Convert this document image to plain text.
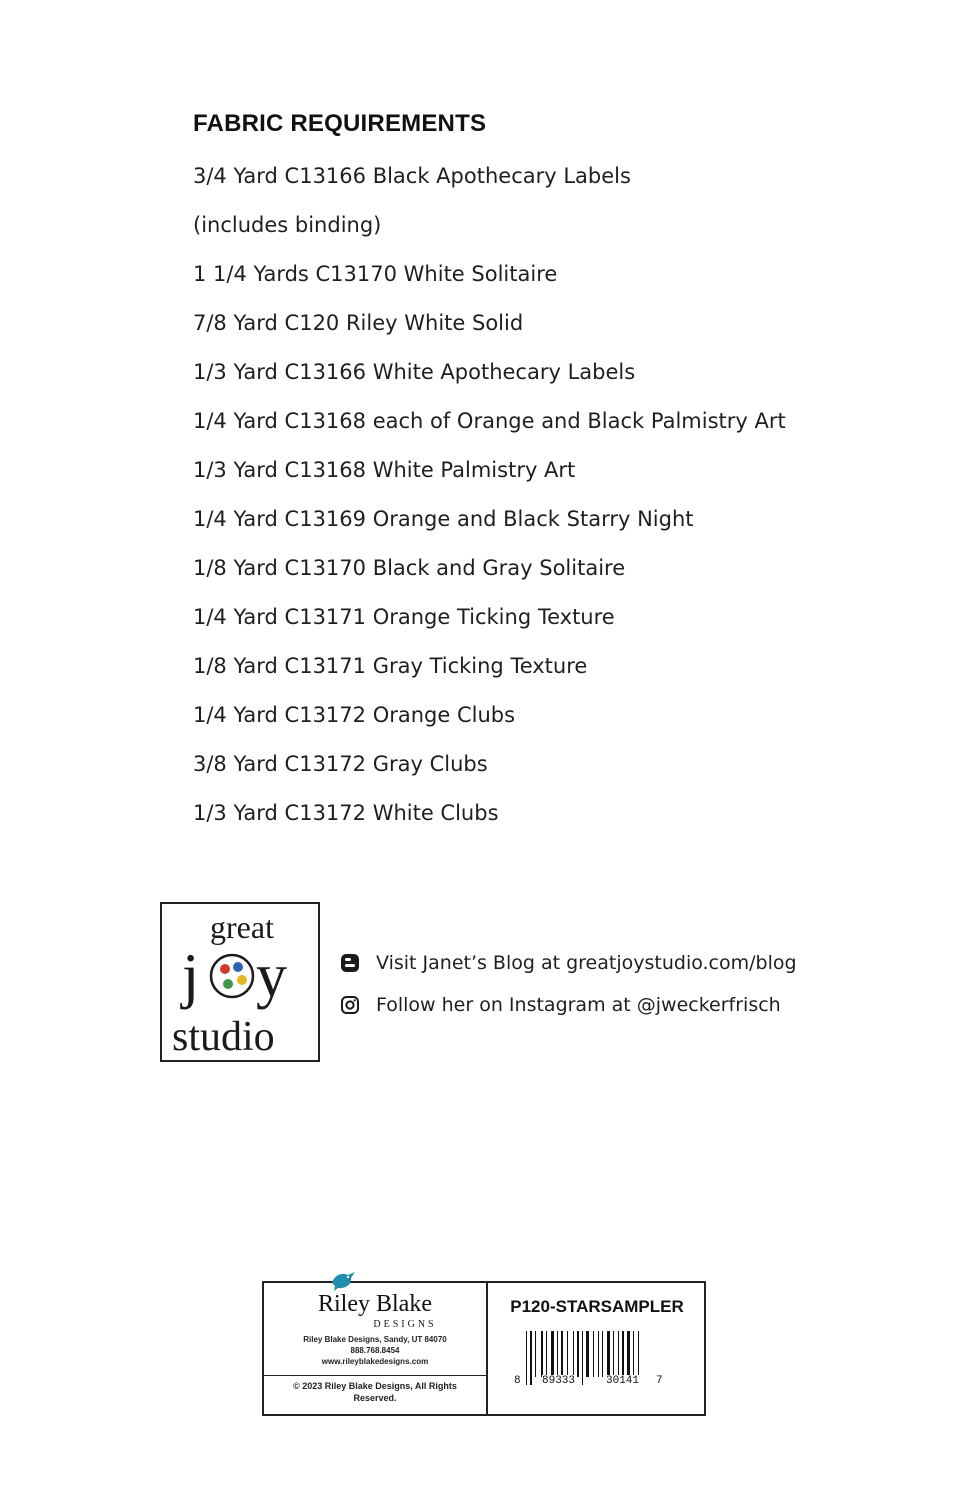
FABRIC REQUIREMENTS
3/4 Yard C13166 Black Apothecary Labels
(includes binding)
1 1/4 Yards C13170 White Solitaire
7/8 Yard C120 Riley White Solid
1/3 Yard C13166 White Apothecary Labels
1/4 Yard C13168 each of Orange and Black Palmistry Art
1/3 Yard C13168 White Palmistry Art
1/4 Yard C13169 Orange and Black Starry Night
1/8 Yard C13170 Black and Gray Solitaire
1/4 Yard C13171 Orange Ticking Texture
1/8 Yard C13171 Gray Ticking Texture
1/4 Yard C13172 Orange Clubs
3/8 Yard C13172 Gray Clubs
1/3 Yard C13172 White Clubs
great
j y
studio
Visit Janet’s Blog at greatjoystudio.com/blog
Follow her on Instagram at @jweckerfrisch
Riley Blake
DESIGNS
Riley Blake Designs, Sandy, UT 84070
888.768.8454
www.rileyblakedesigns.com
© 2023 Riley Blake Designs, All Rights Reserved.
P120-STARSAMPLER
8 89333	30141 7
